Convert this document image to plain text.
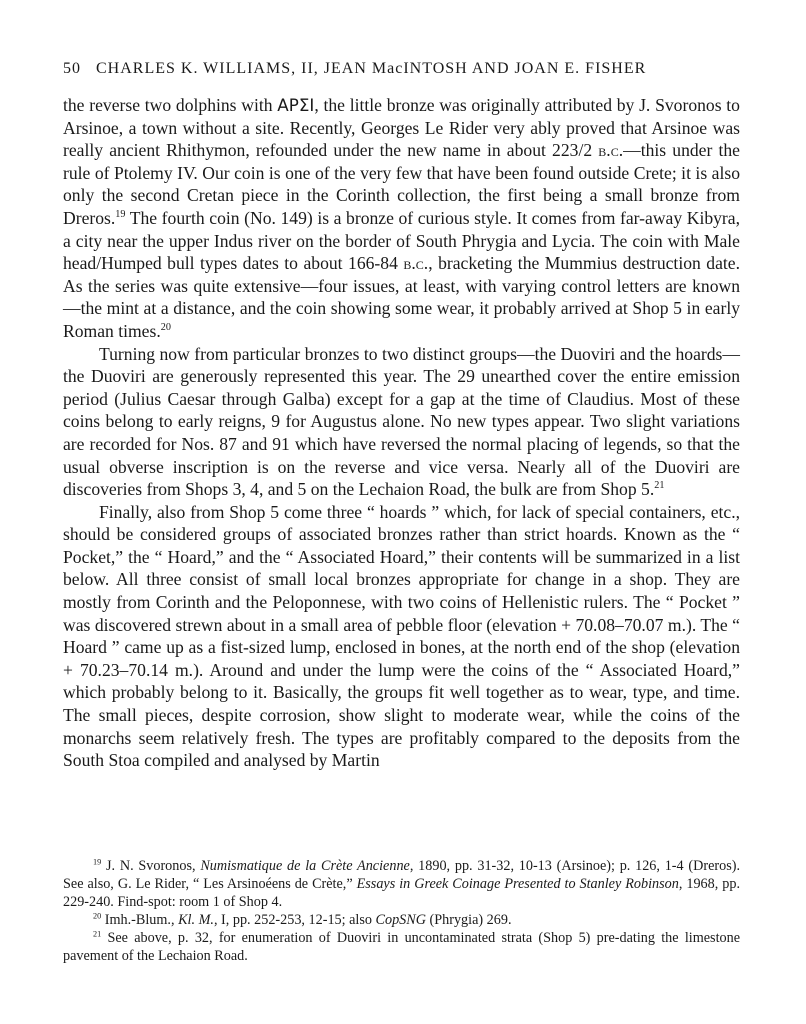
50 CHARLES K. WILLIAMS, II, JEAN MacINTOSH AND JOAN E. FISHER

the reverse two dolphins with ΑΡΣΙ, the little bronze was originally attributed by J. Svoronos to Arsinoe, a town without a site. Recently, Georges Le Rider very ably proved that Arsinoe was really ancient Rhithymon, refounded under the new name in about 223/2 b.c.—this under the rule of Ptolemy IV. Our coin is one of the very few that have been found outside Crete; it is also only the second Cretan piece in the Corinth collection, the first being a small bronze from Dreros.$^{19}$ The fourth coin (No. 149) is a bronze of curious style. It comes from far-away Kibyra, a city near the upper Indus river on the border of South Phrygia and Lycia. The coin with Male head/Humped bull types dates to about 166-84 b.c., bracketing the Mummius destruction date. As the series was quite extensive—four issues, at least, with varying control letters are known—the mint at a distance, and the coin showing some wear, it probably arrived at Shop 5 in early Roman times.$^{20}$

Turning now from particular bronzes to two distinct groups—the Duoviri and the hoards—the Duoviri are generously represented this year. The 29 unearthed cover the entire emission period (Julius Caesar through Galba) except for a gap at the time of Claudius. Most of these coins belong to early reigns, 9 for Augustus alone. No new types appear. Two slight variations are recorded for Nos. 87 and 91 which have reversed the normal placing of legends, so that the usual obverse inscription is on the reverse and vice versa. Nearly all of the Duoviri are discoveries from Shops 3, 4, and 5 on the Lechaion Road, the bulk are from Shop 5.21

Finally, also from Shop 5 come three “ hoards ” which, for lack of special containers, etc., should be considered groups of associated bronzes rather than strict hoards. Known as the “ Pocket,” the “ Hoard,” and the “ Associated Hoard,” their contents will be summarized in a list below. All three consist of small local bronzes appropriate for change in a shop. They are mostly from Corinth and the Peloponnese, with two coins of Hellenistic rulers. The “ Pocket ” was discovered strewn about in a small area of pebble floor (elevation + 70.08–70.07 m.). The “ Hoard ” came up as a fist-sized lump, enclosed in bones, at the north end of the shop (elevation + 70.23–70.14 m.). Around and under the lump were the coins of the “ Associated Hoard,” which probably belong to it. Basically, the groups fit well together as to wear, type, and time. The small pieces, despite corrosion, show slight to moderate wear, while the coins of the monarchs seem relatively fresh. The types are profitably compared to the deposits from the South Stoa compiled and analysed by Martin

$^{19}$ J. N. Svoronos, Numismatique de la Crète Ancienne, 1890, pp. 31-32, 10-13 (Arsinoe); p. 126, 1-4 (Dreros). See also, G. Le Rider, “ Les Arsinoéens de Crète,” Essays in Greek Coinage Presented to Stanley Robinson, 1968, pp. 229-240. Find-spot: room 1 of Shop 4.

$^{20}$ Imh.-Blum., Kl. M., I, pp. 252-253, 12-15; also CopSNG (Phrygia) 269.

$^{21}$ See above, p. 32, for enumeration of Duoviri in uncontaminated strata (Shop 5) pre-dating the limestone pavement of the Lechaion Road.
